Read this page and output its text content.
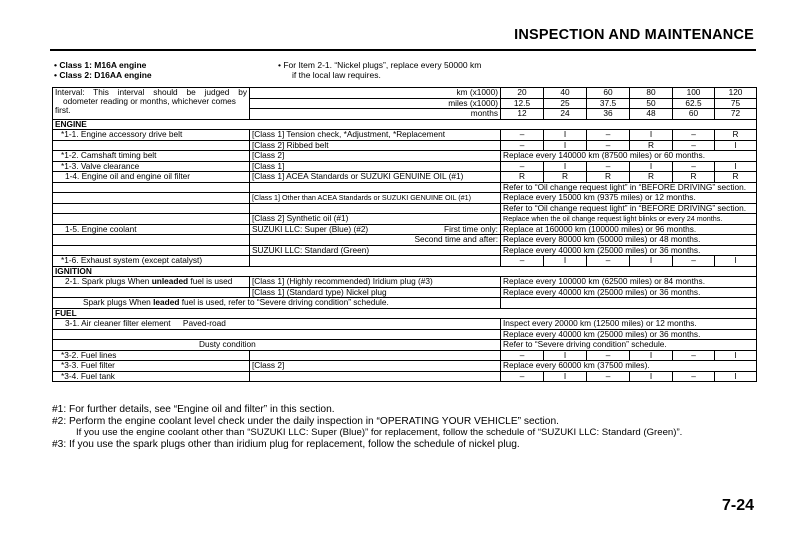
INSPECTION AND MAINTENANCE
• Class 1: M16A engine
• Class 2: D16AA engine
• For Item 2-1. “Nickel plugs”, replace every 50000 km
if the local law requires.
Interval: This interval should be judged by
odometer reading or months, whichever comes
first.	km (x1000)	20	40	60	80	100	120
	miles (x1000)	12.5	25	37.5	50	62.5	75
	months	12	24	36	48	60	72
ENGINE							
*1-1. Engine accessory drive belt	[Class 1] Tension check, *Adjustment, *Replacement	–	I	–	I	–	R
	[Class 2] Ribbed belt	–	I	–	R	–	I
*1-2. Camshaft timing belt	[Class 2]	Replace every 140000 km (87500 miles) or 60 months.					
*1-3. Valve clearance	[Class 1]	–	I	–	I	–	I
1-4. Engine oil and engine oil filter	[Class 1] ACEA Standards or SUZUKI GENUINE OIL (#1)	R	R	R	R	R	R
		Refer to “Oil change request light” in “BEFORE DRIVING” section.					
	[Class 1] Other than ACEA Standards or SUZUKI GENUINE OIL (#1)	Replace every 15000 km (9375 miles) or 12 months.					
		Refer to “Oil change request light” in “BEFORE DRIVING” section.					
	[Class 2] Synthetic oil (#1)	Replace when the oil change request light blinks or every 24 months.					
1-5. Engine coolant	SUZUKI LLC: Super (Blue) (#2) First time only:	Replace at 160000 km (100000 miles) or 96 months.					
	Second time and after:	Replace every 80000 km (50000 miles) or 48 months.					
	SUZUKI LLC: Standard (Green)	Replace every 40000 km (25000 miles) or 36 months.					
*1-6. Exhaust system (except catalyst)		–	I	–	I	–	I
IGNITION							
2-1. Spark plugs When unleaded fuel is used	[Class 1] (Highly recommended) Iridium plug (#3)	Replace every 100000 km (62500 miles) or 84 months.					
	[Class 1] (Standard type) Nickel plug	Replace every 40000 km (25000 miles) or 36 months.					
Spark plugs When leaded fuel is used, refer to “Severe driving condition” schedule.							
FUEL							
3-1. Air cleaner filter element Paved-road		Inspect every 20000 km (12500 miles) or 12 months.					
		Replace every 40000 km (25000 miles) or 36 months.					
Dusty condition		Refer to “Severe driving condition” schedule.					
*3-2. Fuel lines		–	I	–	I	–	I
*3-3. Fuel filter	[Class 2]	Replace every 60000 km (37500 miles).					
*3-4. Fuel tank		–	I	–	I	–	I
#1: For further details, see “Engine oil and filter” in this section.
#2: Perform the engine coolant level check under the daily inspection in “OPERATING YOUR VEHICLE” section.
If you use the engine coolant other than “SUZUKI LLC: Super (Blue)” for replacement, follow the schedule of “SUZUKI LLC: Standard (Green)”.
#3: If you use the spark plugs other than iridium plug for replacement, follow the schedule of nickel plug.
7-24
